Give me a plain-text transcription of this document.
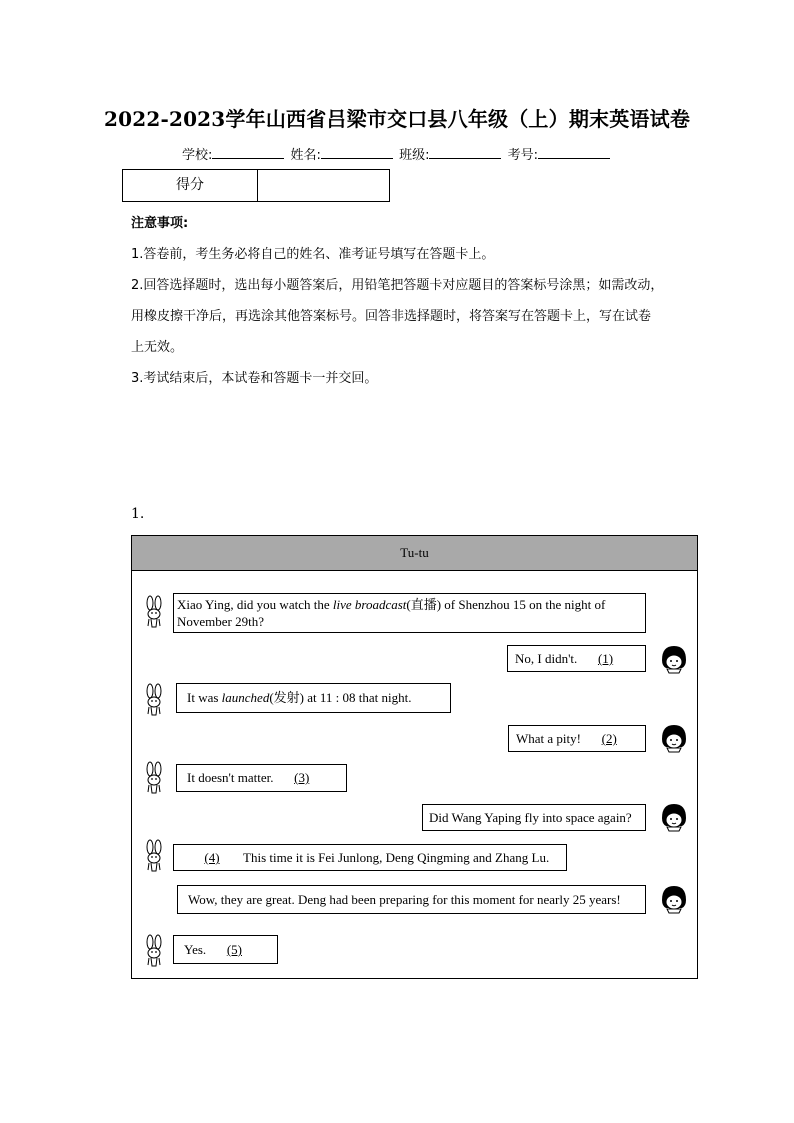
2022-2023学年山西省吕梁市交口县八年级（上）期末英语试卷
学校:	姓名:	班级:	考号:
得分

注意事项:

1.答卷前，考生务必将自己的姓名、准考证号填写在答题卡上。

2.回答选择题时，选出每小题答案后，用铅笔把答题卡对应题目的答案标号涂黑；如需改动，

用橡皮擦干净后，再选涂其他答案标号。回答非选择题时，将答案写在答题卡上，写在试卷

上无效。

3.考试结束后，本试卷和答题卡一并交回。

1.
Tu-tu
Xiao Ying, did you watch the live broadcast(直播) of Shenzhou 15 on the night of November 29th?
No, I didn't. (1)
It was launched(发射) at 11 : 08 that night.
What a pity! (2)
It doesn't matter. (3)
Did Wang Yaping fly into space again?
(4) This time it is Fei Junlong, Deng Qingming and Zhang Lu.
Wow, they are great. Deng had been preparing for this moment for nearly 25 years!
Yes. (5)
